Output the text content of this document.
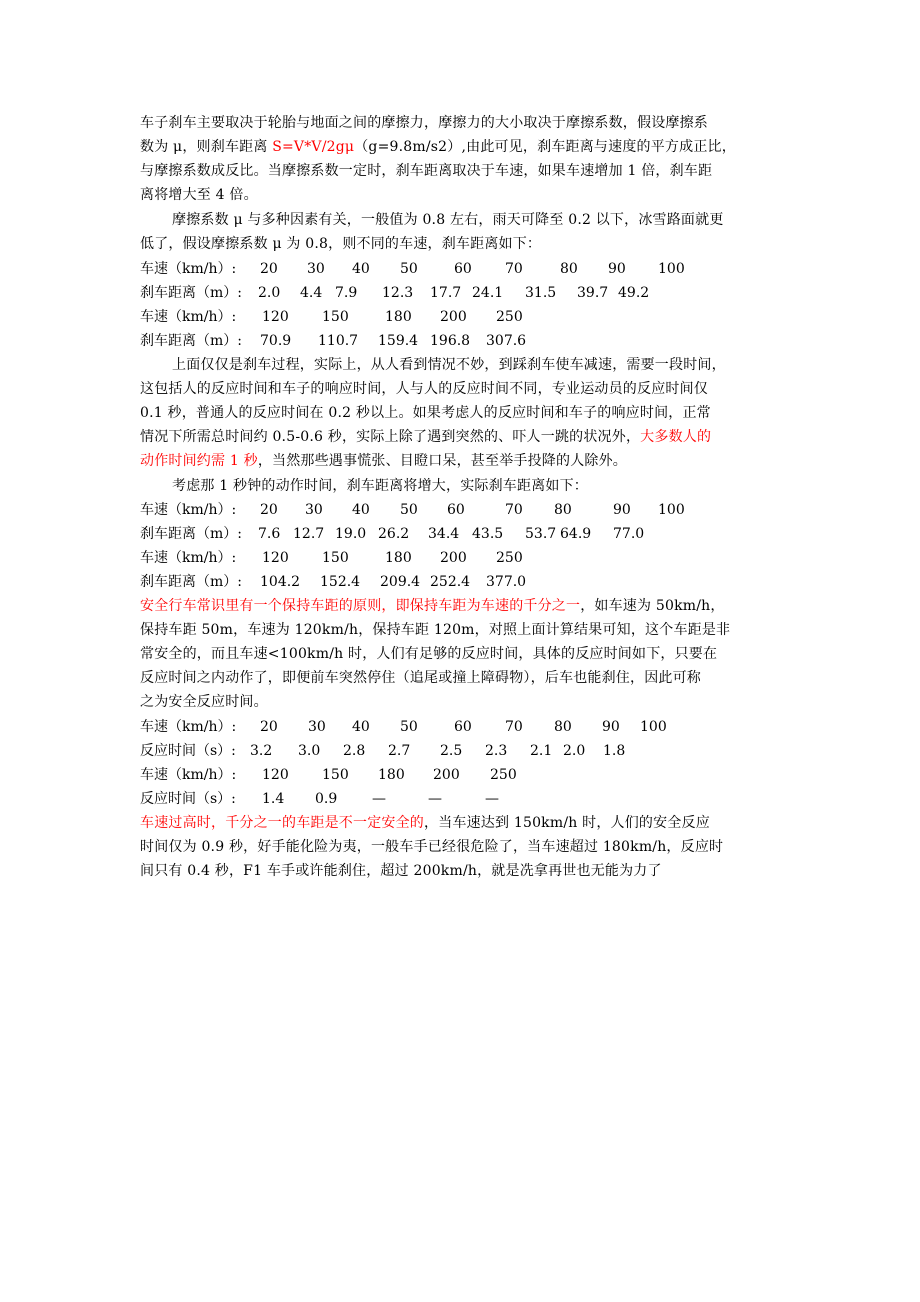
车子刹车主要取决于轮胎与地面之间的摩擦力，摩擦力的大小取决于摩擦系数，假设摩擦系
数为 μ，则刹车距离 S=V*V/2gμ（g=9.8m/s2）,由此可见，刹车距离与速度的平方成正比，
与摩擦系数成反比。当摩擦系数一定时，刹车距离取决于车速，如果车速增加 1 倍，刹车距
离将增大至 4 倍。
摩擦系数 μ 与多种因素有关，一般值为 0.8 左右，雨天可降至 0.2 以下，冰雪路面就更
低了，假设摩擦系数 μ 为 0.8，则不同的车速，刹车距离如下：
车速（km/h）: 20 30 40 50	60 70	80 90 100
刹车距离（m）: 2.0 4.4 7.9 12.3 17.7 24.1 31.5 39.7 49.2
车速（km/h）: 120 150	180 200 250
刹车距离（m）: 70.9 110.7 159.4 196.8 307.6
上面仅仅是刹车过程，实际上，从人看到情况不妙，到踩刹车使车减速，需要一段时间，
这包括人的反应时间和车子的响应时间，人与人的反应时间不同，专业运动员的反应时间仅
0.1 秒，普通人的反应时间在 0.2 秒以上。如果考虑人的反应时间和车子的响应时间，正常
情况下所需总时间约 0.5-0.6 秒，实际上除了遇到突然的、吓人一跳的状况外，大多数人的
动作时间约需 1 秒，当然那些遇事慌张、目瞪口呆，甚至举手投降的人除外。
考虑那 1 秒钟的动作时间，刹车距离将增大，实际刹车距离如下：
车速（km/h）: 20 30 40 50 60	70 80	90 100
刹车距离（m）: 7.6 12.7 19.0 26.2 34.4 43.5 53.7 64.9 77.0
车速（km/h）: 120 150	180 200 250
刹车距离（m）: 104.2 152.4 209.4 252.4 377.0
安全行车常识里有一个保持车距的原则，即保持车距为车速的千分之一，如车速为 50km/h，
保持车距 50m，车速为 120km/h，保持车距 120m，对照上面计算结果可知，这个车距是非
常安全的，而且车速<100km/h 时，人们有足够的反应时间，具体的反应时间如下，只要在
反应时间之内动作了，即便前车突然停住（追尾或撞上障碍物），后车也能刹住，因此可称
之为安全反应时间。
车速（km/h）: 20 30 40 50	60 70 80 90 100
反应时间（s）: 3.2 3.0 2.8 2.7 2.5 2.3 2.1 2.0 1.8
车速（km/h）: 120 150 180 200 250
反应时间（s）: 1.4 0.9 —	—	—
车速过高时，千分之一的车距是不一定安全的，当车速达到 150km/h 时，人们的安全反应
时间仅为 0.9 秒，好手能化险为夷，一般车手已经很危险了，当车速超过 180km/h，反应时
间只有 0.4 秒，F1 车手或许能刹住，超过 200km/h，就是冼拿再世也无能为力了
